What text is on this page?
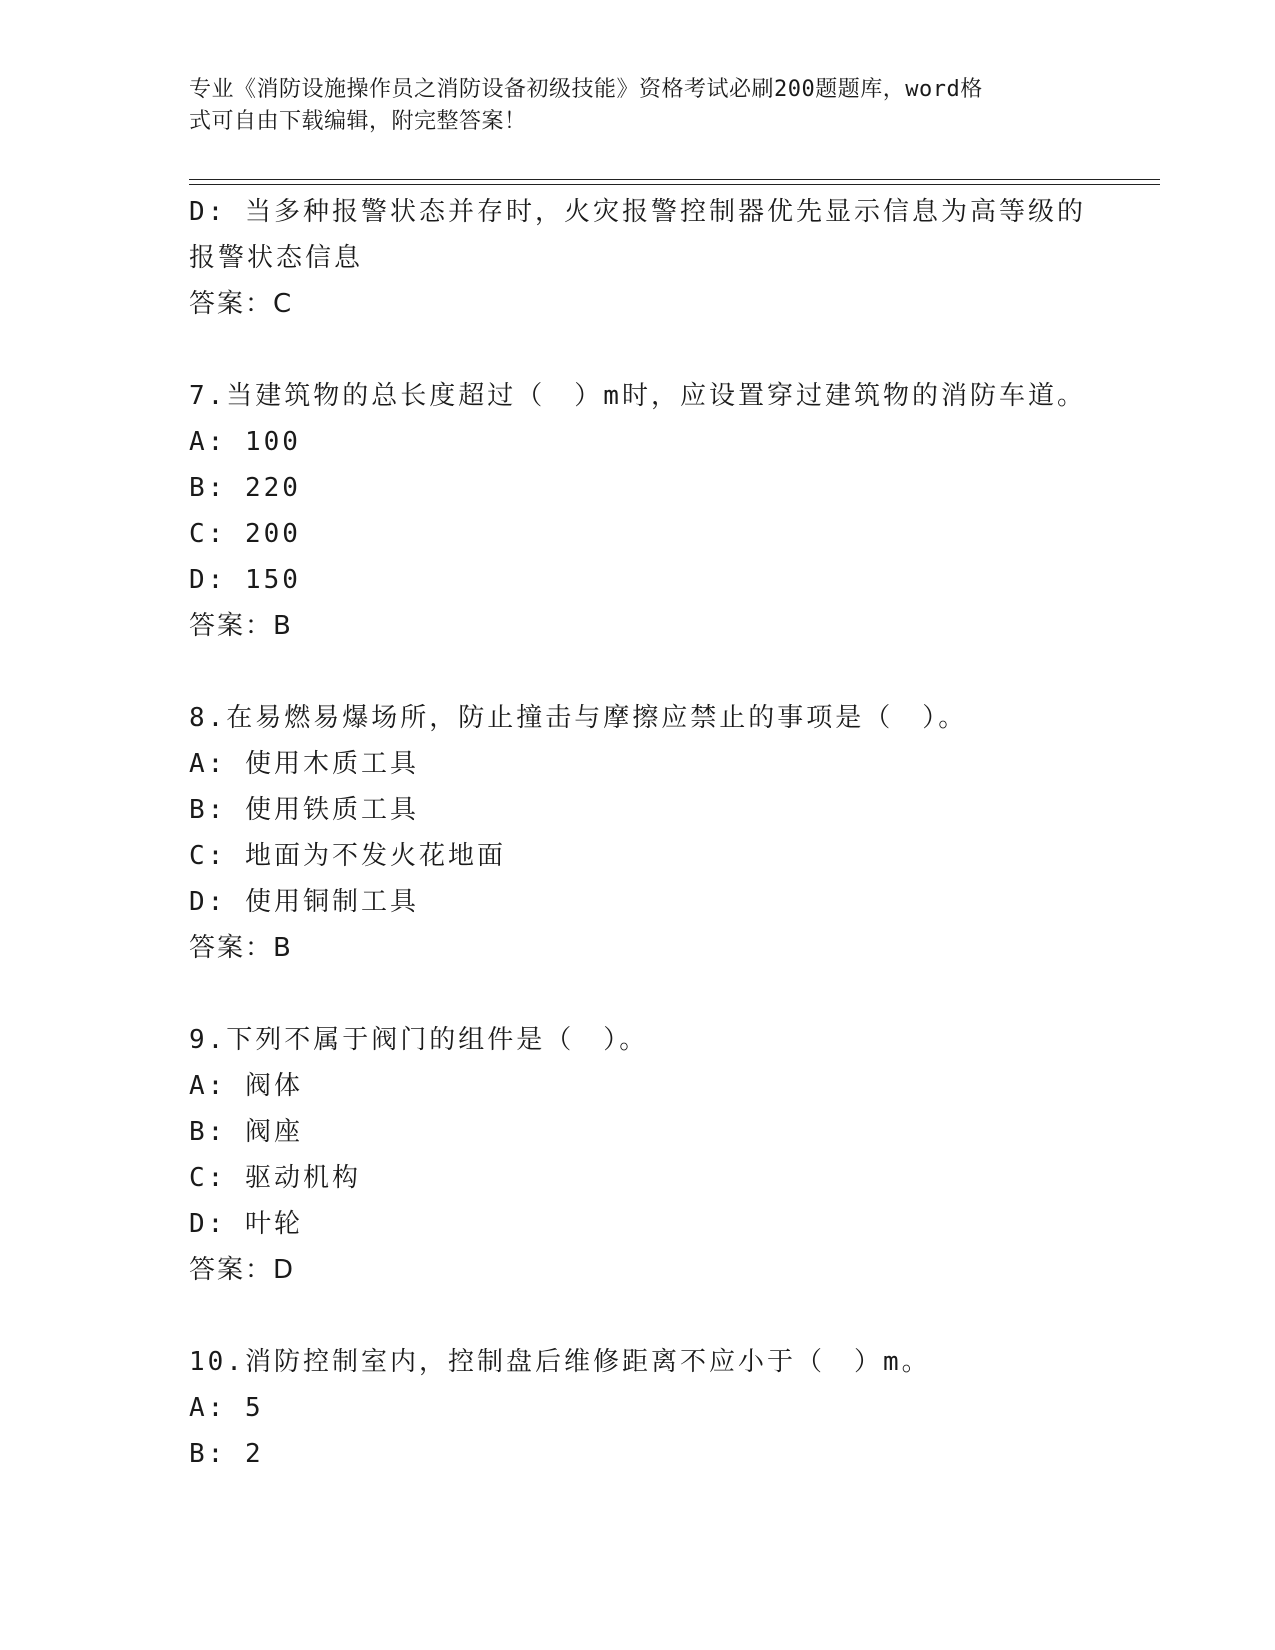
专业《消防设施操作员之消防设备初级技能》资格考试必刷200题题库，word格
式可自由下载编辑，附完整答案！
D: 当多种报警状态并存时，火灾报警控制器优先显示信息为高等级的
报警状态信息
答案：C
7.当建筑物的总长度超过（　）m时，应设置穿过建筑物的消防车道。
A: 100
B: 220
C: 200
D: 150
答案：B
8.在易燃易爆场所，防止撞击与摩擦应禁止的事项是（　）。
A: 使用木质工具
B: 使用铁质工具
C: 地面为不发火花地面
D: 使用铜制工具
答案：B
9.下列不属于阀门的组件是（　）。
A: 阀体
B: 阀座
C: 驱动机构
D: 叶轮
答案：D
10.消防控制室内，控制盘后维修距离不应小于（　）m。
A: 5
B: 2
